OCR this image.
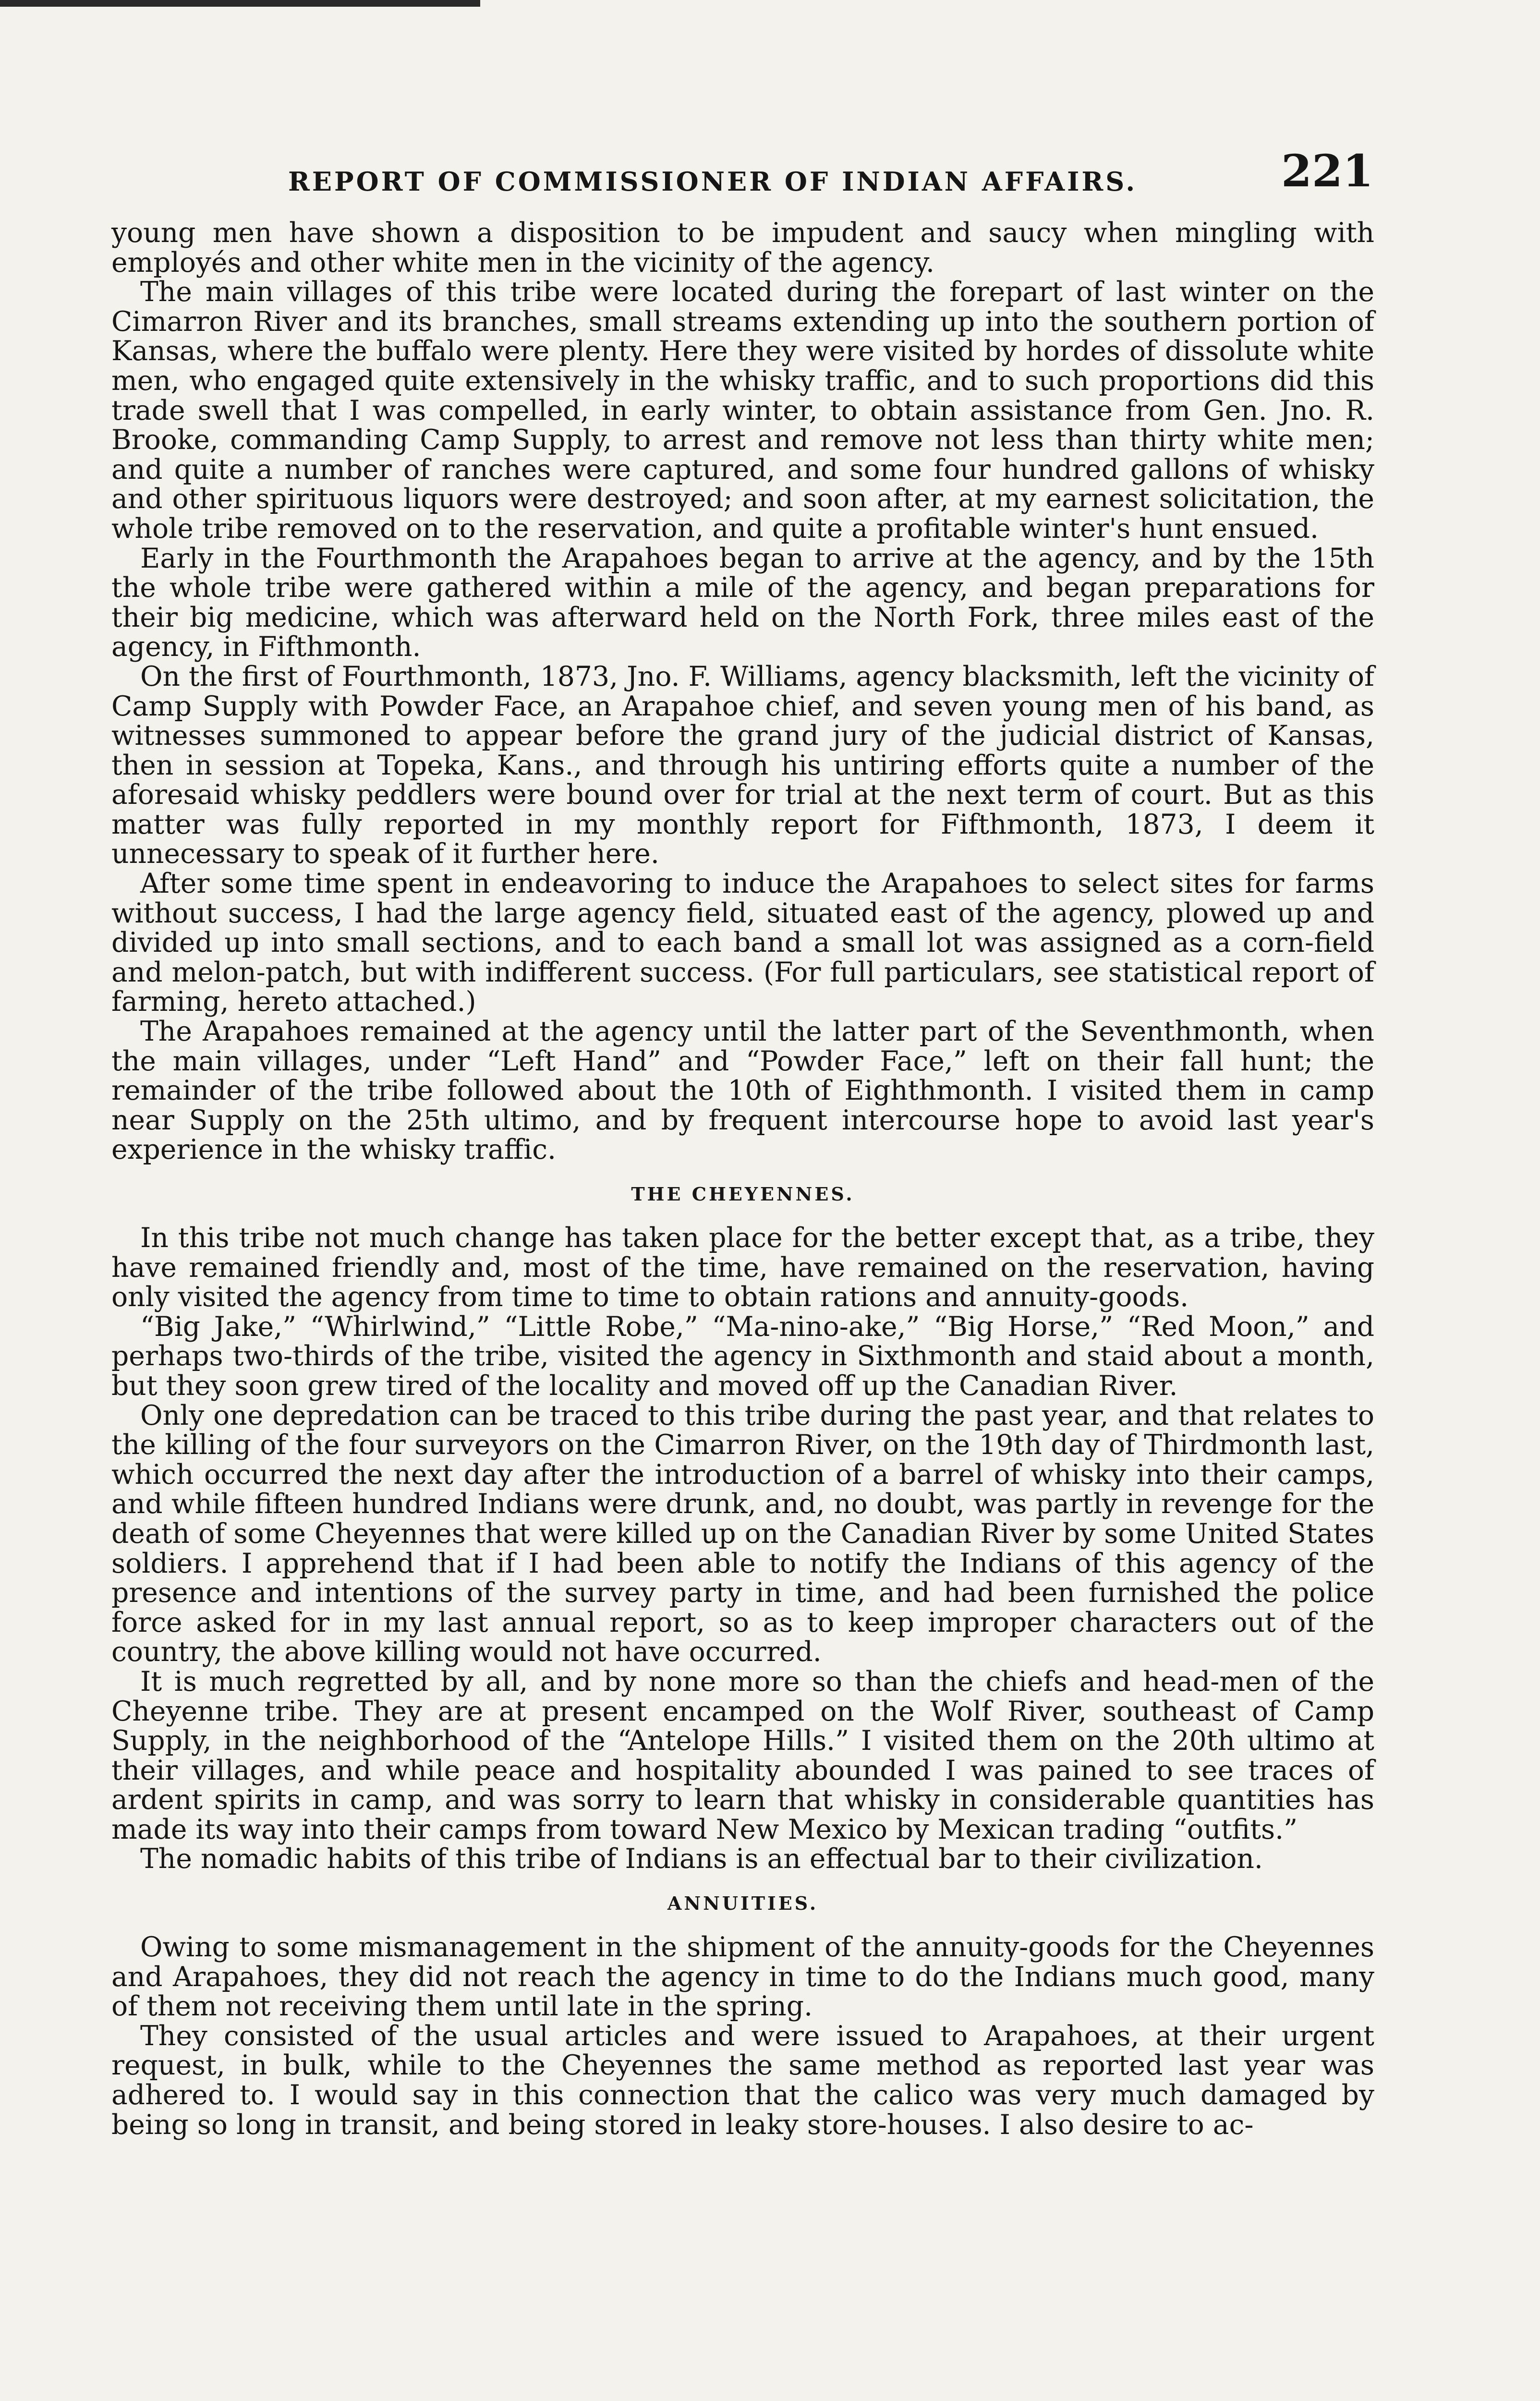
REPORT OF COMMISSIONER OF INDIAN AFFAIRS.	221

young men have shown a disposition to be impudent and saucy when mingling with employés and other white men in the vicinity of the agency.

The main villages of this tribe were located during the forepart of last winter on the Cimarron River and its branches, small streams extending up into the southern portion of Kansas, where the buffalo were plenty. Here they were visited by hordes of dissolute white men, who engaged quite extensively in the whisky traffic, and to such proportions did this trade swell that I was compelled, in early winter, to obtain assistance from Gen. Jno. R. Brooke, commanding Camp Supply, to arrest and remove not less than thirty white men; and quite a number of ranches were captured, and some four hundred gallons of whisky and other spirituous liquors were destroyed; and soon after, at my earnest solicitation, the whole tribe removed on to the reservation, and quite a profitable winter's hunt ensued.

Early in the Fourthmonth the Arapahoes began to arrive at the agency, and by the 15th the whole tribe were gathered within a mile of the agency, and began preparations for their big medicine, which was afterward held on the North Fork, three miles east of the agency, in Fifthmonth.

On the first of Fourthmonth, 1873, Jno. F. Williams, agency blacksmith, left the vicinity of Camp Supply with Powder Face, an Arapahoe chief, and seven young men of his band, as witnesses summoned to appear before the grand jury of the judicial district of Kansas, then in session at Topeka, Kans., and through his untiring efforts quite a number of the aforesaid whisky peddlers were bound over for trial at the next term of court. But as this matter was fully reported in my monthly report for Fifthmonth, 1873, I deem it unnecessary to speak of it further here.

After some time spent in endeavoring to induce the Arapahoes to select sites for farms without success, I had the large agency field, situated east of the agency, plowed up and divided up into small sections, and to each band a small lot was assigned as a corn-field and melon-patch, but with indifferent success. (For full particulars, see statistical report of farming, hereto attached.)

The Arapahoes remained at the agency until the latter part of the Seventhmonth, when the main villages, under “Left Hand” and “Powder Face,” left on their fall hunt; the remainder of the tribe followed about the 10th of Eighthmonth. I visited them in camp near Supply on the 25th ultimo, and by frequent intercourse hope to avoid last year's experience in the whisky traffic.

THE CHEYENNES.

In this tribe not much change has taken place for the better except that, as a tribe, they have remained friendly and, most of the time, have remained on the reservation, having only visited the agency from time to time to obtain rations and annuity-goods.

“Big Jake,” “Whirlwind,” “Little Robe,” “Ma-nino-ake,” “Big Horse,” “Red Moon,” and perhaps two-thirds of the tribe, visited the agency in Sixthmonth and staid about a month, but they soon grew tired of the locality and moved off up the Canadian River.

Only one depredation can be traced to this tribe during the past year, and that relates to the killing of the four surveyors on the Cimarron River, on the 19th day of Thirdmonth last, which occurred the next day after the introduction of a barrel of whisky into their camps, and while fifteen hundred Indians were drunk, and, no doubt, was partly in revenge for the death of some Cheyennes that were killed up on the Canadian River by some United States soldiers. I apprehend that if I had been able to notify the Indians of this agency of the presence and intentions of the survey party in time, and had been furnished the police force asked for in my last annual report, so as to keep improper characters out of the country, the above killing would not have occurred.

It is much regretted by all, and by none more so than the chiefs and head-men of the Cheyenne tribe. They are at present encamped on the Wolf River, southeast of Camp Supply, in the neighborhood of the “Antelope Hills.” I visited them on the 20th ultimo at their villages, and while peace and hospitality abounded I was pained to see traces of ardent spirits in camp, and was sorry to learn that whisky in considerable quantities has made its way into their camps from toward New Mexico by Mexican trading “outfits.”

The nomadic habits of this tribe of Indians is an effectual bar to their civilization.

ANNUITIES.

Owing to some mismanagement in the shipment of the annuity-goods for the Cheyennes and Arapahoes, they did not reach the agency in time to do the Indians much good, many of them not receiving them until late in the spring.

They consisted of the usual articles and were issued to Arapahoes, at their urgent request, in bulk, while to the Cheyennes the same method as reported last year was adhered to. I would say in this connection that the calico was very much damaged by being so long in transit, and being stored in leaky store-houses. I also desire to ac-
